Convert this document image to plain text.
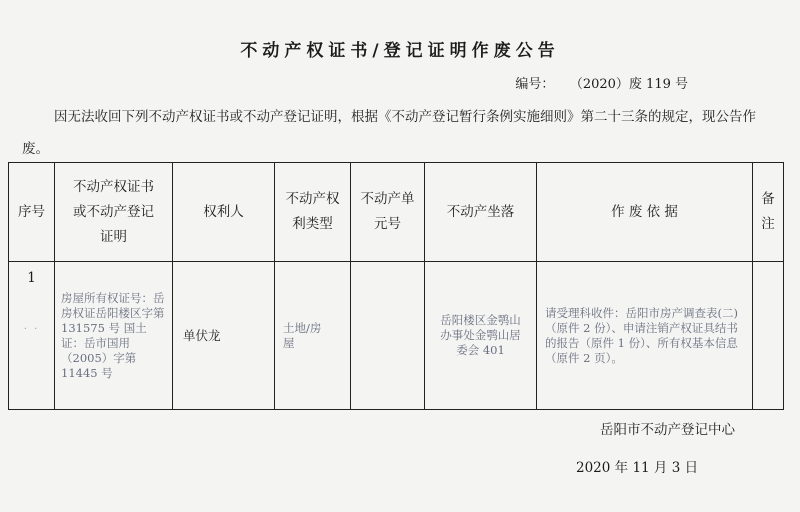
不动产权证书/登记证明作废公告
编号： （2020）废 119 号
因无法收回下列不动产权证书或不动产登记证明，根据《不动产登记暂行条例实施细则》第二十三条的规定，现公告作废。
序号
不动产权证书或不动产登记证明
权利人
不动产权利类型
不动产单元号
不动产坐落	作 废 依 据
备 注
1
· ·
房屋所有权证号：岳房权证岳阳楼区字第 131575 号 国土证：岳市国用（2005）字第 11445 号
单伏龙
土地/房屋
岳阳楼区金鹗山办事处金鹗山居委会 401
请受理科收件：岳阳市房产调查表(二)（原件 2 份）、申请注销产权证具结书的报告（原件 1 份）、所有权基本信息（原件 2 页）。
岳阳市不动产登记中心
2020 年 11 月 3 日
